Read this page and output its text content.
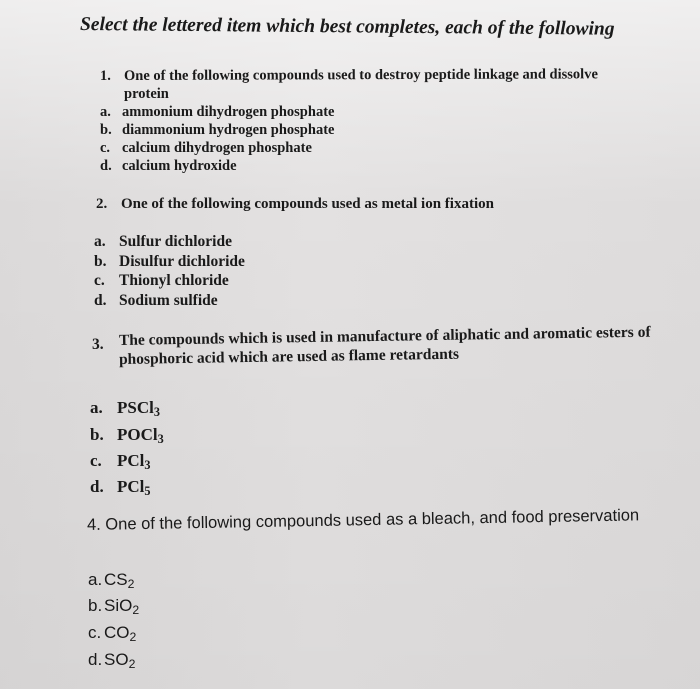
Select the lettered item which best completes, each of the following
1. One of the following compounds used to destroy peptide linkage and dissolve
protein
a. ammonium dihydrogen phosphate
b. diammonium hydrogen phosphate
c. calcium dihydrogen phosphate
d. calcium hydroxide
2. One of the following compounds used as metal ion fixation
a. Sulfur dichloride
b. Disulfur dichloride
c. Thionyl chloride
d. Sodium sulfide
3. The compounds which is used in manufacture of aliphatic and aromatic esters of
phosphoric acid which are used as flame retardants
a. PSCl$_3$
b. POCl$_3$
c. PCl$_3$
d. PCl$_5$
4. One of the following compounds used as a bleach, and food preservation
a. $CS_2$
b. SiO$_2$
c. $CO_2$
d. $SO_2$
